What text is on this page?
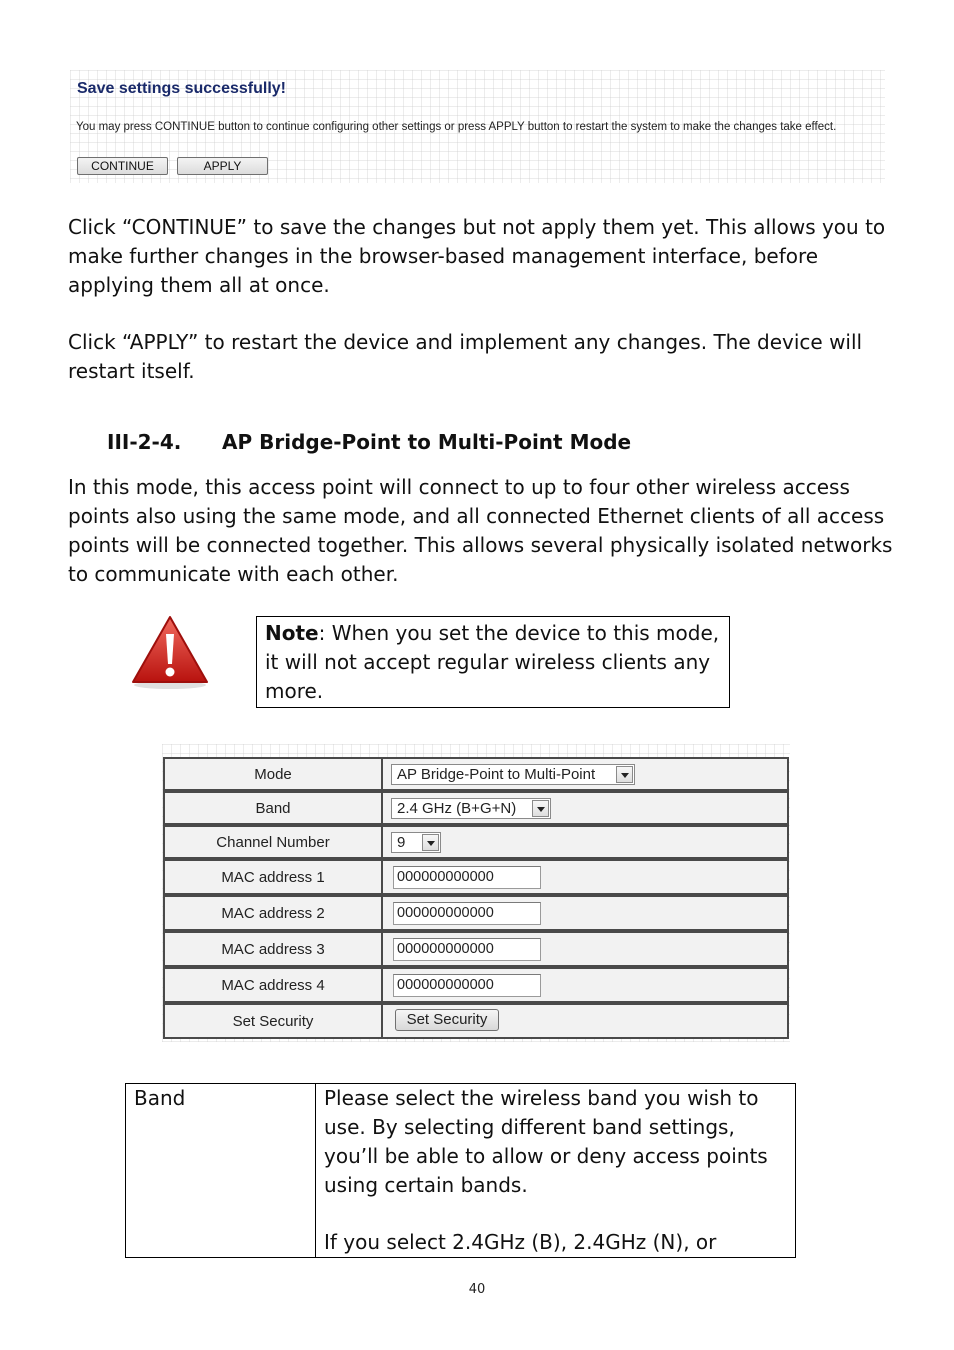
Save settings successfully!
You may press CONTINUE button to continue configuring other settings or press APPLY button to restart the system to make the changes take effect.
CONTINUE	APPLY

Click “CONTINUE” to save the changes but not apply them yet. This allows you to make further changes in the browser-based management interface, before applying them all at once.

Click “APPLY” to restart the device and implement any changes. The device will restart itself.

III-2-4. AP Bridge-Point to Multi-Point Mode

In this mode, this access point will connect to up to four other wireless access points also using the same mode, and all connected Ethernet clients of all access points will be connected together. This allows several physically isolated networks to communicate with each other.

Note: When you set the device to this mode, it will not accept regular wireless clients any more.
Mode	AP Bridge-Point to Multi-Point
Band	2.4 GHz (B+G+N)
Channel Number	9
MAC address 1	000000000000
MAC address 2	000000000000
MAC address 3	000000000000
MAC address 4	000000000000
Set Security	Set Security
Band	Please select the wireless band you wish to use. By selecting different band settings, you’ll be able to allow or deny access points using certain bands.

If you select 2.4GHz (B), 2.4GHz (N), or

40
